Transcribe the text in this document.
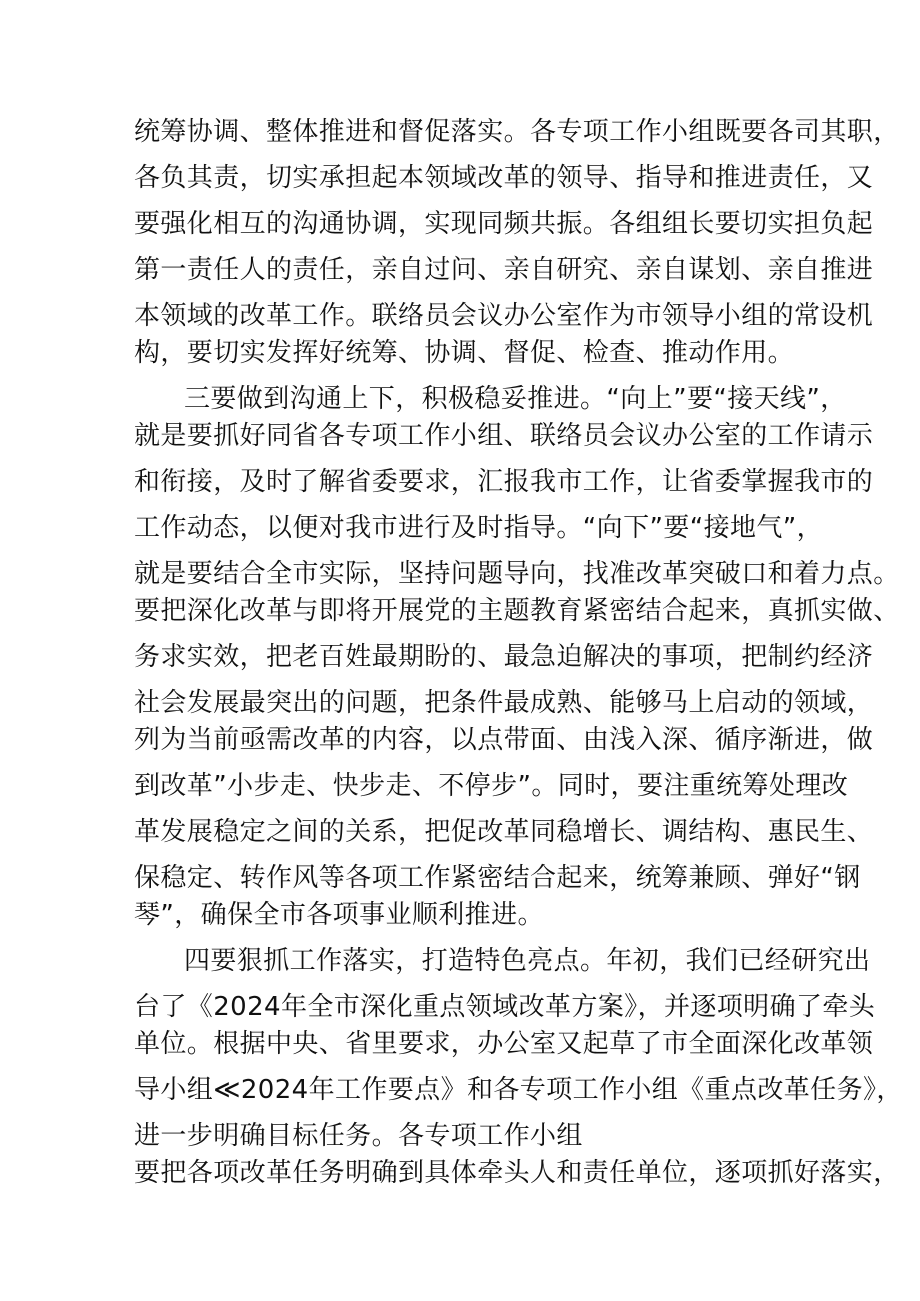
统筹协调、整体推进和督促落实。各专项工作小组既要各司其职，
各负其责，切实承担起本领域改革的领导、指导和推进责任，又
要强化相互的沟通协调，实现同频共振。各组组长要切实担负起
第一责任人的责任，亲自过问、亲自研究、亲自谋划、亲自推进
本领域的改革工作。联络员会议办公室作为市领导小组的常设机
构，要切实发挥好统筹、协调、督促、检查、推动作用。
三要做到沟通上下，积极稳妥推进。“向上”要“接天线”，
就是要抓好同省各专项工作小组、联络员会议办公室的工作请示
和衔接，及时了解省委要求，汇报我市工作，让省委掌握我市的
工作动态，以便对我市进行及时指导。“向下”要“接地气”，
就是要结合全市实际，坚持问题导向，找准改革突破口和着力点。
要把深化改革与即将开展党的主题教育紧密结合起来，真抓实做、
务求实效，把老百姓最期盼的、最急迫解决的事项，把制约经济
社会发展最突出的问题，把条件最成熟、能够马上启动的领域，
列为当前亟需改革的内容，以点带面、由浅入深、循序渐进，做
到改革”小步走、快步走、不停步”。同时，要注重统筹处理改
革发展稳定之间的关系，把促改革同稳增长、调结构、惠民生、
保稳定、转作风等各项工作紧密结合起来，统筹兼顾、弹好“钢
琴”，确保全市各项事业顺利推进。
四要狠抓工作落实，打造特色亮点。年初，我们已经研究出
台了《2024年全市深化重点领域改革方案》，并逐项明确了牵头
单位。根据中央、省里要求，办公室又起草了市全面深化改革领
导小组≪2024年工作要点》和各专项工作小组《重点改革任务》，
进一步明确目标任务。各专项工作小组
要把各项改革任务明确到具体牵头人和责任单位，逐项抓好落实，
